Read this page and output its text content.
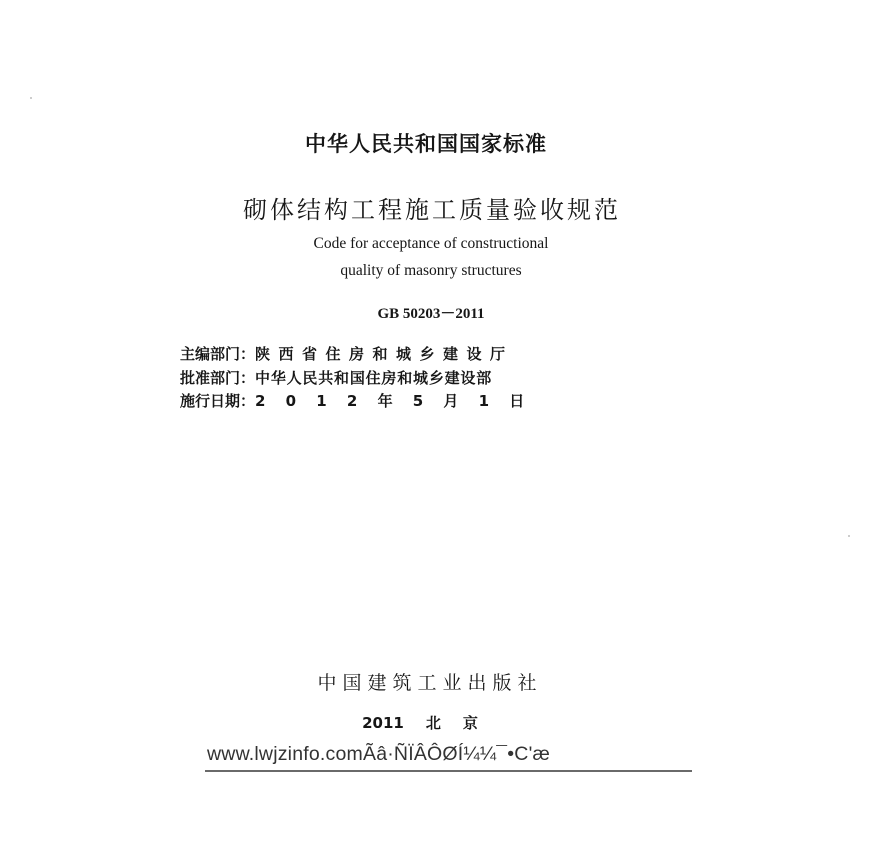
中华人民共和国国家标准
砌体结构工程施工质量验收规范
Code for acceptance of constructional
quality of masonry structures
GB 50203－2011
主编部门：陕西省住房和城乡建设厅
批准部门：中华人民共和国住房和城乡建设部
施行日期：2012年5月1日
中国建筑工业出版社
2011 北京
www.lwjzinfo.comÃâ·ÑÏÂÔØÍ¼¼¯•C'æ
